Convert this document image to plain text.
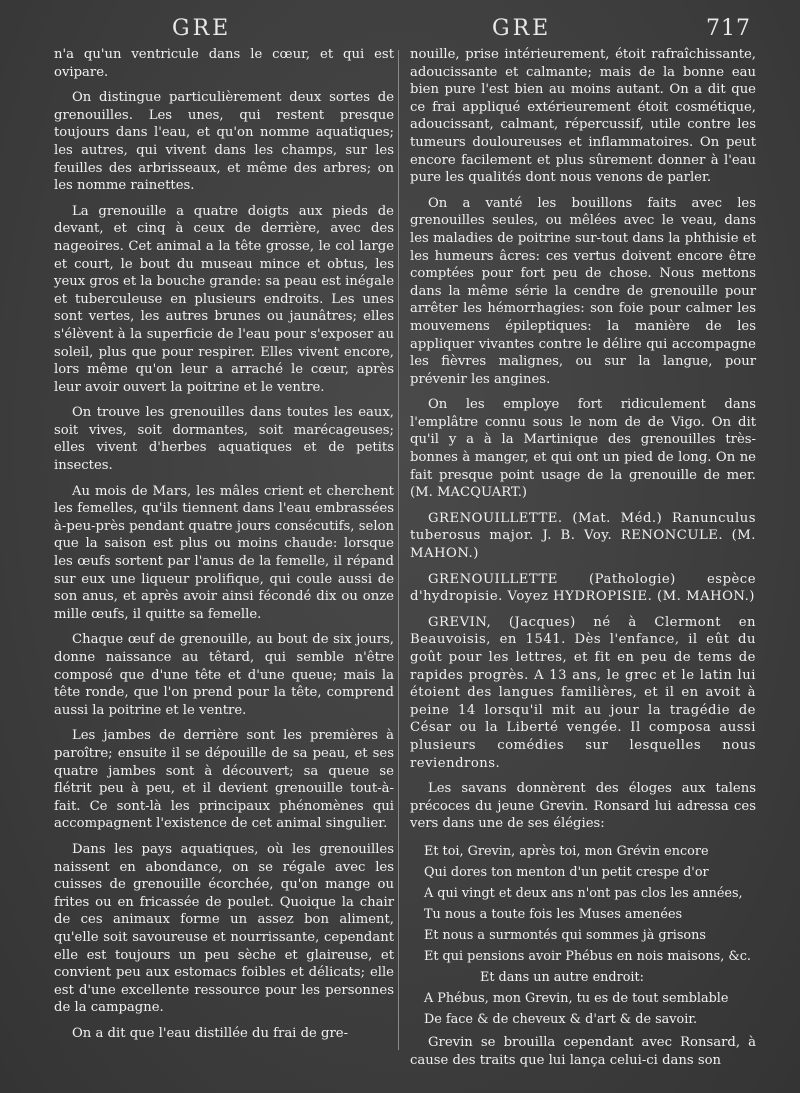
GRE	GRE	717

n'a qu'un ventricule dans le cœur, et qui est ovipare.

On distingue particulièrement deux sortes de grenouilles. Les unes, qui restent presque toujours dans l'eau, et qu'on nomme aquatiques; les autres, qui vivent dans les champs, sur les feuilles des arbrisseaux, et même des arbres; on les nomme rainettes.

La grenouille a quatre doigts aux pieds de devant, et cinq à ceux de derrière, avec des nageoires. Cet animal a la tête grosse, le col large et court, le bout du museau mince et obtus, les yeux gros et la bouche grande: sa peau est inégale et tuberculeuse en plusieurs endroits. Les unes sont vertes, les autres brunes ou jaunâtres; elles s'élèvent à la superficie de l'eau pour s'exposer au soleil, plus que pour respirer. Elles vivent encore, lors même qu'on leur a arraché le cœur, après leur avoir ouvert la poitrine et le ventre.

On trouve les grenouilles dans toutes les eaux, soit vives, soit dormantes, soit marécageuses; elles vivent d'herbes aquatiques et de petits insectes.

Au mois de Mars, les mâles crient et cherchent les femelles, qu'ils tiennent dans l'eau embrassées à-peu-près pendant quatre jours consécutifs, selon que la saison est plus ou moins chaude: lorsque les œufs sortent par l'anus de la femelle, il répand sur eux une liqueur prolifique, qui coule aussi de son anus, et après avoir ainsi fécondé dix ou onze mille œufs, il quitte sa femelle.

Chaque œuf de grenouille, au bout de six jours, donne naissance au têtard, qui semble n'être composé que d'une tête et d'une queue; mais la tête ronde, que l'on prend pour la tête, comprend aussi la poitrine et le ventre.

Les jambes de derrière sont les premières à paroître; ensuite il se dépouille de sa peau, et ses quatre jambes sont à découvert; sa queue se flétrit peu à peu, et il devient grenouille tout-à-fait. Ce sont-là les principaux phénomènes qui accompagnent l'existence de cet animal singulier.

Dans les pays aquatiques, où les grenouilles naissent en abondance, on se régale avec les cuisses de grenouille écorchée, qu'on mange ou frites ou en fricassée de poulet. Quoique la chair de ces animaux forme un assez bon aliment, qu'elle soit savoureuse et nourrissante, cependant elle est toujours un peu sèche et glaireuse, et convient peu aux estomacs foibles et délicats; elle est d'une excellente ressource pour les personnes de la campagne.

On a dit que l'eau distillée du frai de gre-

nouille, prise intérieurement, étoit rafraîchissante, adoucissante et calmante; mais de la bonne eau bien pure l'est bien au moins autant. On a dit que ce frai appliqué extérieurement étoit cosmétique, adoucissant, calmant, répercussif, utile contre les tumeurs douloureuses et inflammatoires. On peut encore facilement et plus sûrement donner à l'eau pure les qualités dont nous venons de parler.

On a vanté les bouillons faits avec les grenouilles seules, ou mêlées avec le veau, dans les maladies de poitrine sur-tout dans la phthisie et les humeurs âcres: ces vertus doivent encore être comptées pour fort peu de chose. Nous mettons dans la même série la cendre de grenouille pour arrêter les hémorrhagies: son foie pour calmer les mouvemens épileptiques: la manière de les appliquer vivantes contre le délire qui accompagne les fièvres malignes, ou sur la langue, pour prévenir les angines.

On les employe fort ridiculement dans l'emplâtre connu sous le nom de de Vigo. On dit qu'il y a à la Martinique des grenouilles très-bonnes à manger, et qui ont un pied de long. On ne fait presque point usage de la grenouille de mer. (M. MACQUART.)

GRENOUILLETTE. (Mat. Méd.) Ranunculus tuberosus major. J. B. Voy. RENONCULE. (M. MAHON.)

GRENOUILLETTE (Pathologie) espèce d'hydropisie. Voyez HYDROPISIE. (M. MAHON.)

GREVIN, (Jacques) né à Clermont en Beauvoisis, en 1541. Dès l'enfance, il eût du goût pour les lettres, et fit en peu de tems de rapides progrès. A 13 ans, le grec et le latin lui étoient des langues familières, et il en avoit à peine 14 lorsqu'il mit au jour la tragédie de César ou la Liberté vengée. Il composa aussi plusieurs comédies sur lesquelles nous reviendrons.

Les savans donnèrent des éloges aux talens précoces du jeune Grevin. Ronsard lui adressa ces vers dans une de ses élégies:

Et toi, Grevin, après toi, mon Grévin encore
Qui dores ton menton d'un petit crespe d'or
A qui vingt et deux ans n'ont pas clos les années,
Tu nous a toute fois les Muses amenées
Et nous a surmontés qui sommes jà grisons
Et qui pensions avoir Phébus en nois maisons, &c.
Et dans un autre endroit:
A Phébus, mon Grevin, tu es de tout semblable
De face & de cheveux & d'art & de savoir.

Grevin se brouilla cependant avec Ronsard, à cause des traits que lui lança celui-ci dans son
